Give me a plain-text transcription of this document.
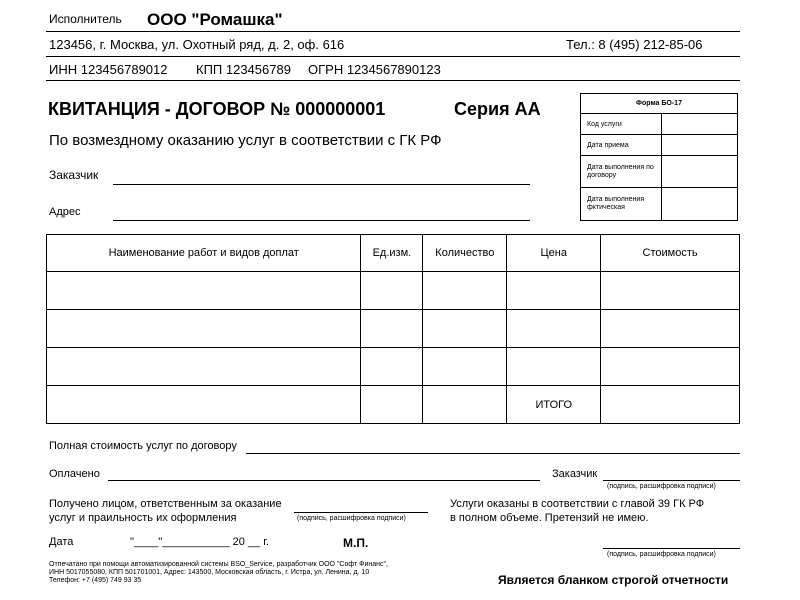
Исполнитель ООО "Ромашка"
123456, г. Москва, ул. Охотный ряд, д. 2, оф. 616	Тел.: 8 (495) 212-85-06
ИНН 123456789012 КПП 123456789 ОГРН 1234567890123
КВИТАНЦИЯ - ДОГОВОР № 000000001	Серия АА
По возмездному оказанию услуг в соответствии с ГК РФ
Заказчик
Адрес
Форма БО-17
Код услуги
Дата приема
Дата выполнения по договору
Дата выполнения фктическая
Наименование работ и видов доплат	Ед.изм.	Количество	Цена	Стоимость

			ИТОГО	
Полная стоимость услуг по договору
Оплачено	Заказчик
(подпись, расшифровка подписи)
Получено лицом, ответственным за оказание
услуг и праильность их оформления	(подпись, расшифровка подписи)
Услуги оказаны в соответствии с главой 39 ГК РФ
в полном объеме. Претензий не имею.
Дата	"____"___________ 20 __ г.	М.П.
(подпись, расшифровка подписи)
Отпечатано при помощи автоматизированной системы BSO_Service, разработчик ООО "Софт Финанс",
ИНН 5017055080, КПП 501701001, Адрес: 143500, Московская область, г. Истра, ул. Ленина, д. 10
Телефон: +7 (495) 749 93 35	Является бланком строгой отчетности
